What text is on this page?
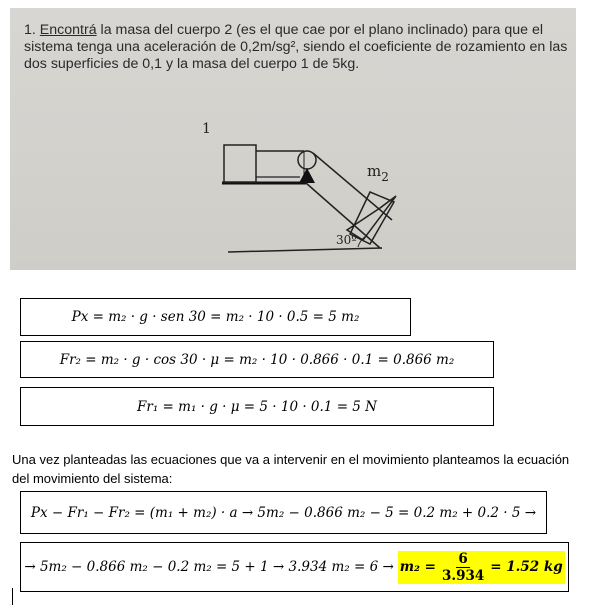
1. Encontrá la masa del cuerpo 2 (es el que cae por el plano inclinado) para que el sistema tenga una aceleración de 0,2m/sg², siendo el coeficiente de rozamiento en las dos superficies de 0,1 y la masa del cuerpo 1 de 5kg.
1
$m_2$
30º
Px = m₂ · g · sen 30 = m₂ · 10 · 0.5 = 5 m₂
Fr₂ = m₂ · g · cos 30 · μ = m₂ · 10 · 0.866 · 0.1 = 0.866 m₂
Fr₁ = m₁ · g · μ = 5 · 10 · 0.1 = 5 N
Una vez planteadas las ecuaciones que va a intervenir en el movimiento planteamos la ecuación del movimiento del sistema:
Px − Fr₁ − Fr₂ = (m₁ + m₂) · a → 5m₂ − 0.866 m₂ − 5 = 0.2 m₂ + 0.2 · 5 →
→ 5m₂ − 0.866 m₂ − 0.2 m₂ = 5 + 1 → 3.934 $m_2 = 6 \to m_2 = \frac{6}{3.934} = 1.52$ kg
